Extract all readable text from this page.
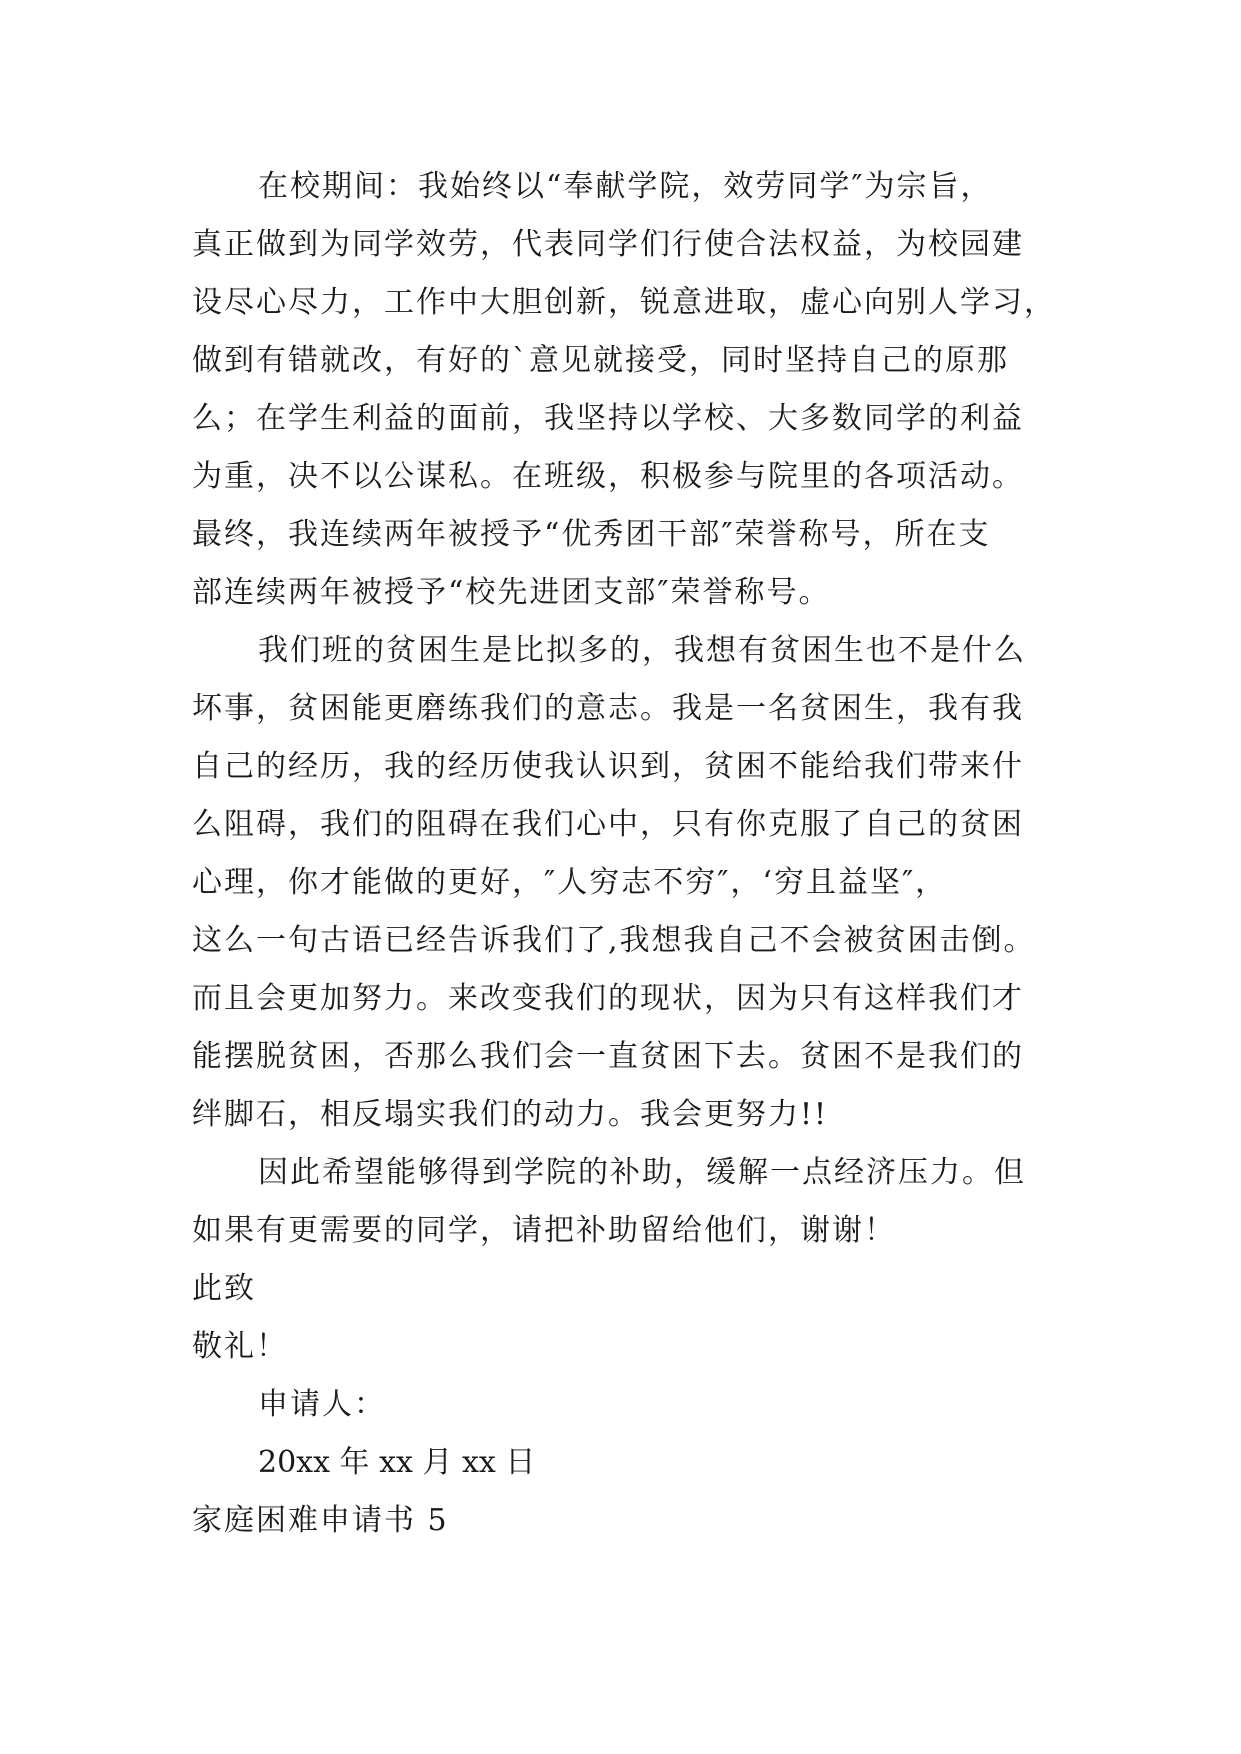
在校期间：我始终以“奉献学院，效劳同学″为宗旨，
真正做到为同学效劳，代表同学们行使合法权益，为校园建
设尽心尽力，工作中大胆创新，锐意进取，虚心向别人学习，
做到有错就改，有好的`意见就接受，同时坚持自己的原那
么；在学生利益的面前，我坚持以学校、大多数同学的利益
为重，决不以公谋私。在班级，积极参与院里的各项活动。
最终，我连续两年被授予“优秀团干部″荣誉称号，所在支
部连续两年被授予“校先进团支部″荣誉称号。
我们班的贫困生是比拟多的，我想有贫困生也不是什么
坏事，贫困能更磨练我们的意志。我是一名贫困生，我有我
自己的经历，我的经历使我认识到，贫困不能给我们带来什
么阻碍，我们的阻碍在我们心中，只有你克服了自己的贫困
心理，你才能做的更好，″人穷志不穷″，‘穷且益坚″，
这么一句古语已经告诉我们了,我想我自己不会被贫困击倒。
而且会更加努力。来改变我们的现状，因为只有这样我们才
能摆脱贫困，否那么我们会一直贫困下去。贫困不是我们的
绊脚石，相反塌实我们的动力。我会更努力!!
因此希望能够得到学院的补助，缓解一点经济压力。但
如果有更需要的同学，请把补助留给他们，谢谢！
此致
敬礼！
申请人：
20xx 年 xx 月 xx 日
家庭困难申请书 5
